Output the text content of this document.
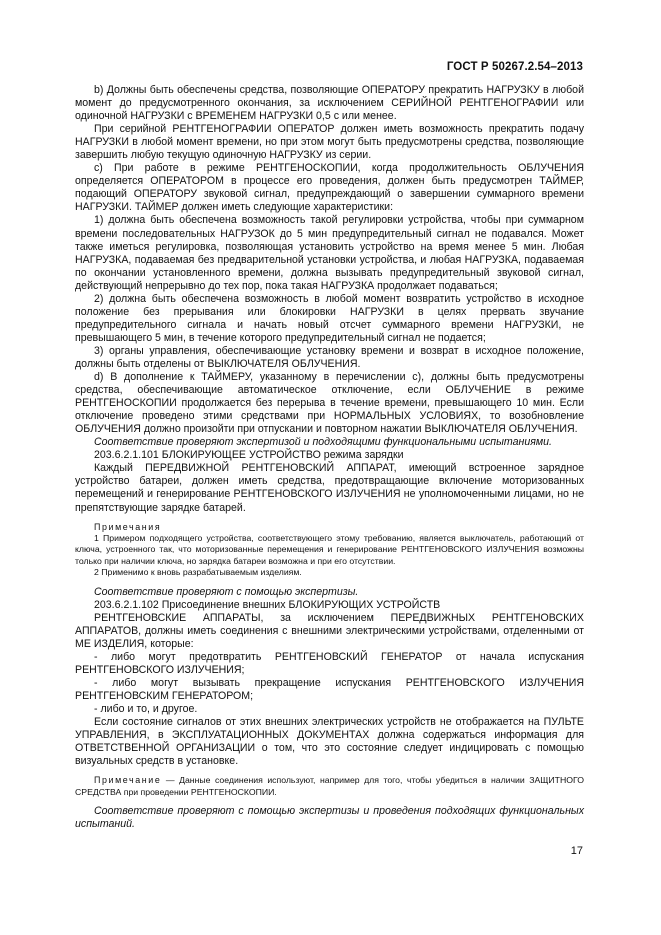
ГОСТ Р 50267.2.54–2013

b) Должны быть обеспечены средства, позволяющие ОПЕРАТОРУ прекратить НАГРУЗКУ в любой момент до предусмотренного окончания, за исключением СЕРИЙНОЙ РЕНТГЕНОГРАФИИ или одиночной НАГРУЗКИ с ВРЕМЕНЕМ НАГРУЗКИ 0,5 с или менее.

При серийной РЕНТГЕНОГРАФИИ ОПЕРАТОР должен иметь возможность прекратить подачу НАГРУЗКИ в любой момент времени, но при этом могут быть предусмотрены средства, позволяющие завершить любую текущую одиночную НАГРУЗКУ из серии.

c) При работе в режиме РЕНТГЕНОСКОПИИ, когда продолжительность ОБЛУЧЕНИЯ определяется ОПЕРАТОРОМ в процессе его проведения, должен быть предусмотрен ТАЙМЕР, подающий ОПЕРАТОРУ звуковой сигнал, предупреждающий о завершении суммарного времени НАГРУЗКИ. ТАЙМЕР должен иметь следующие характеристики:

1) должна быть обеспечена возможность такой регулировки устройства, чтобы при суммарном времени последовательных НАГРУЗОК до 5 мин предупредительный сигнал не подавался. Может также иметься регулировка, позволяющая установить устройство на время менее 5 мин. Любая НАГРУЗКА, подаваемая без предварительной установки устройства, и любая НАГРУЗКА, подаваемая по окончании установленного времени, должна вызывать предупредительный звуковой сигнал, действующий непрерывно до тех пор, пока такая НАГРУЗКА продолжает подаваться;

2) должна быть обеспечена возможность в любой момент возвратить устройство в исходное положение без прерывания или блокировки НАГРУЗКИ в целях прервать звучание предупредительного сигнала и начать новый отсчет суммарного времени НАГРУЗКИ, не превышающего 5 мин, в течение которого предупредительный сигнал не подается;

3) органы управления, обеспечивающие установку времени и возврат в исходное положение, должны быть отделены от ВЫКЛЮЧАТЕЛЯ ОБЛУЧЕНИЯ.

d) В дополнение к ТАЙМЕРУ, указанному в перечислении с), должны быть предусмотрены средства, обеспечивающие автоматическое отключение, если ОБЛУЧЕНИЕ в режиме РЕНТГЕНОСКОПИИ продолжается без перерыва в течение времени, превышающего 10 мин. Если отключение проведено этими средствами при НОРМАЛЬНЫХ УСЛОВИЯХ, то возобновление ОБЛУЧЕНИЯ должно произойти при отпускании и повторном нажатии ВЫКЛЮЧАТЕЛЯ ОБЛУЧЕНИЯ.

Соответствие проверяют экспертизой и подходящими функциональными испытаниями.

203.6.2.1.101 БЛОКИРУЮЩЕЕ УСТРОЙСТВО режима зарядки

Каждый ПЕРЕДВИЖНОЙ РЕНТГЕНОВСКИЙ АППАРАТ, имеющий встроенное зарядное устройство батареи, должен иметь средства, предотвращающие включение моторизованных перемещений и генерирование РЕНТГЕНОВСКОГО ИЗЛУЧЕНИЯ не уполномоченными лицами, но не препятствующие зарядке батарей.

Примечания

1 Примером подходящего устройства, соответствующего этому требованию, является выключатель, работающий от ключа, устроенного так, что моторизованные перемещения и генерирование РЕНТГЕНОВСКОГО ИЗЛУЧЕНИЯ возможны только при наличии ключа, но зарядка батареи возможна и при его отсутствии.

2 Применимо к вновь разрабатываемым изделиям.

Соответствие проверяют с помощью экспертизы.

203.6.2.1.102 Присоединение внешних БЛОКИРУЮЩИХ УСТРОЙСТВ

РЕНТГЕНОВСКИЕ АППАРАТЫ, за исключением ПЕРЕДВИЖНЫХ РЕНТГЕНОВСКИХ АППАРАТОВ, должны иметь соединения с внешними электрическими устройствами, отделенными от МЕ ИЗДЕЛИЯ, которые:

- либо могут предотвратить РЕНТГЕНОВСКИЙ ГЕНЕРАТОР от начала испускания РЕНТГЕНОВСКОГО ИЗЛУЧЕНИЯ;

- либо могут вызывать прекращение испускания РЕНТГЕНОВСКОГО ИЗЛУЧЕНИЯ РЕНТГЕНОВСКИМ ГЕНЕРАТОРОМ;

- либо и то, и другое.

Если состояние сигналов от этих внешних электрических устройств не отображается на ПУЛЬТЕ УПРАВЛЕНИЯ, в ЭКСПЛУАТАЦИОННЫХ ДОКУМЕНТАХ должна содержаться информация для ОТВЕТСТВЕННОЙ ОРГАНИЗАЦИИ о том, что это состояние следует индицировать с помощью визуальных средств в установке.

Примечание — Данные соединения используют, например для того, чтобы убедиться в наличии ЗАЩИТНОГО СРЕДСТВА при проведении РЕНТГЕНОСКОПИИ.

Соответствие проверяют с помощью экспертизы и проведения подходящих функциональных испытаний.

17
